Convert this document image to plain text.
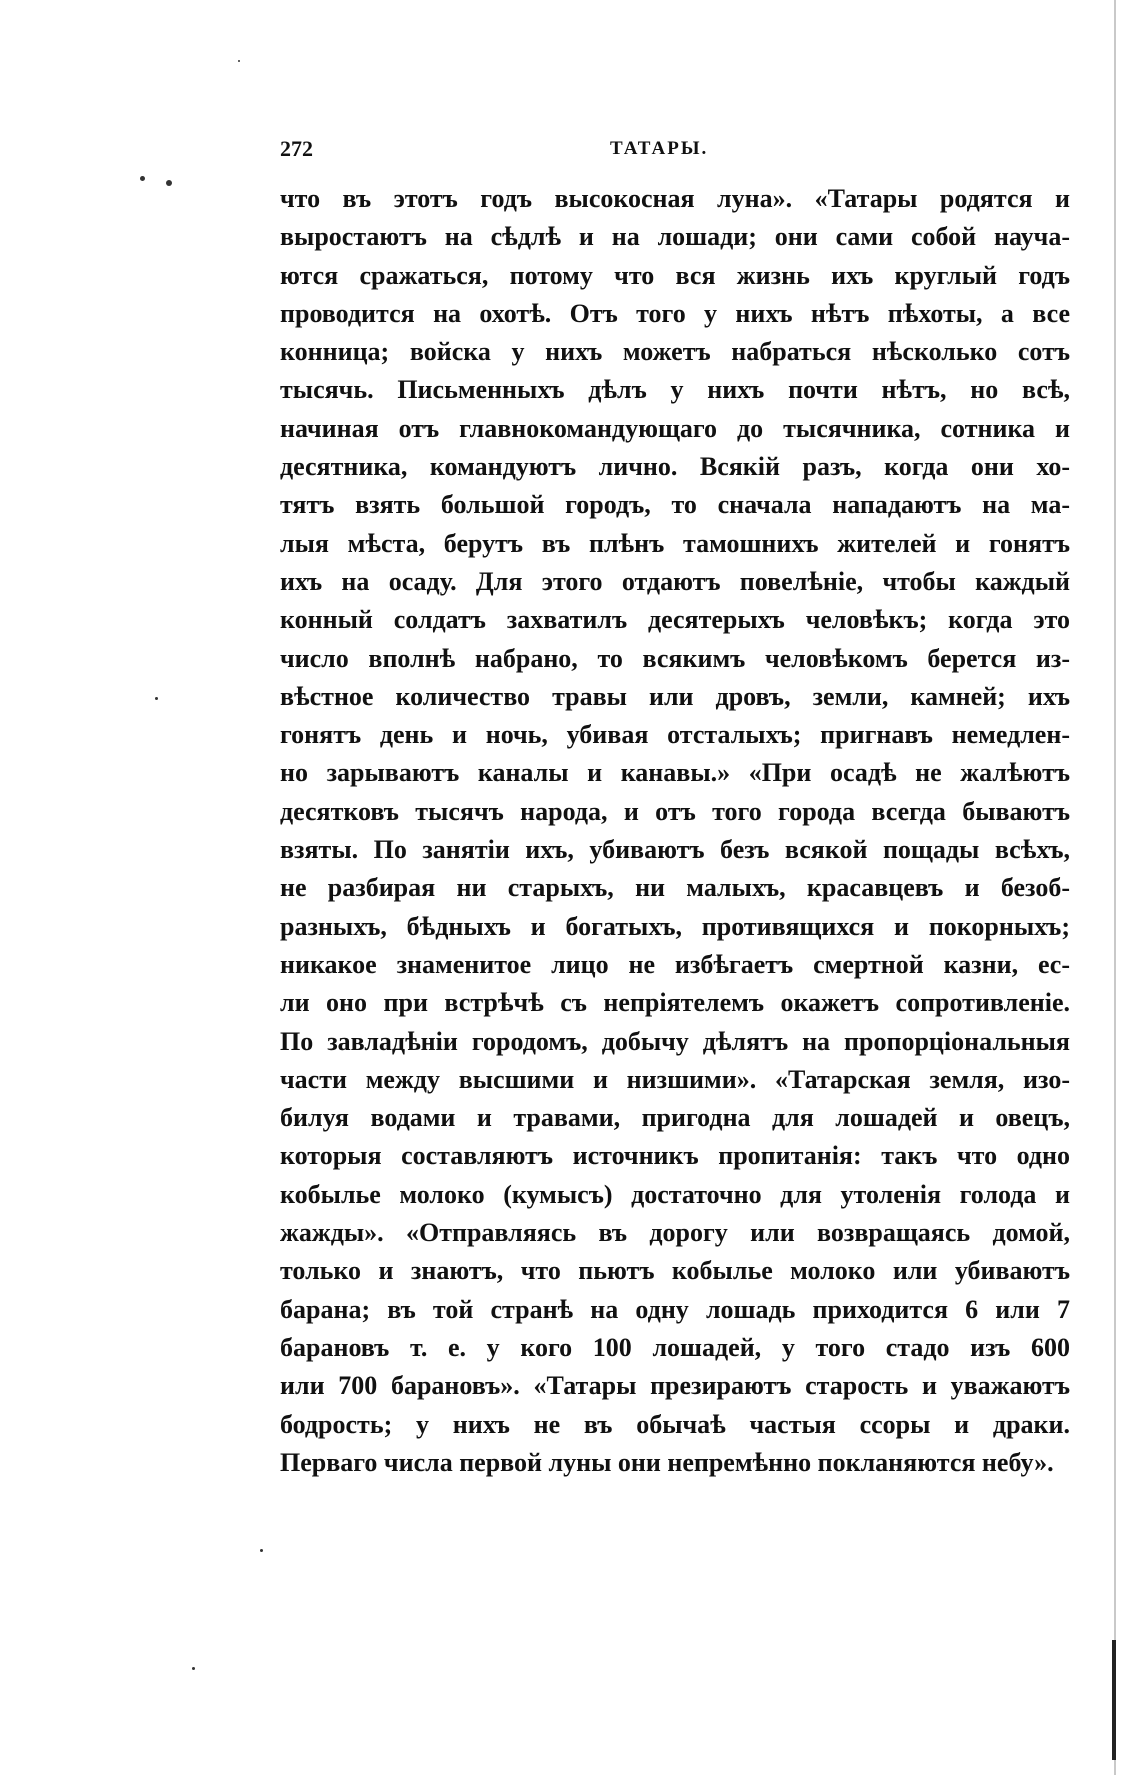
272	ТАТАРЫ.
что въ этотъ годъ высокосная луна». «Татары родятся и
выростаютъ на сѣдлѣ и на лошади; они сами собой научa-
ются сражаться, потому что вся жизнь ихъ круглый годъ
проводится на охотѣ. Отъ того у нихъ нѣтъ пѣхоты, а все
конница; войска у нихъ можетъ набраться нѣсколько сотъ
тысячь. Письменныхъ дѣлъ у нихъ почти нѣтъ, но всѣ,
начиная отъ главнокомандующаго до тысячника, сотника и
десятника, командуютъ лично. Всякій разъ, когда они хо-
тятъ взять большой городъ, то сначала нападаютъ на ма-
лыя мѣста, берутъ въ плѣнъ тамошнихъ жителей и гонятъ
ихъ на осаду. Для этого отдаютъ повелѣніе, чтобы каждый
конный солдатъ захватилъ десятерыхъ человѣкъ; когда это
число вполнѣ набрано, то всякимъ человѣкомъ берется из-
вѣстное количество травы или дровъ, земли, камней; ихъ
гонятъ день и ночь, убивая отсталыхъ; пригнавъ немедлен-
но зарываютъ каналы и канавы.» «При осадѣ не жалѣютъ
десятковъ тысячъ народа, и отъ того города всегда бываютъ
взяты. По занятіи ихъ, убиваютъ безъ всякой пощады всѣхъ,
не разбирая ни старыхъ, ни малыхъ, красавцевъ и безоб-
разныхъ, бѣдныхъ и богатыхъ, противящихся и покорныхъ;
никакое знаменитое лицо не избѣгаетъ смертной казни, ес-
ли оно при встрѣчѣ съ непріятелемъ окажетъ сопротивленіе.
По завладѣніи городомъ, добычу дѣлятъ на пропорціональныя
части между высшими и низшими». «Татарская земля, изо-
билуя водами и травами, пригодна для лошадей и овецъ,
которыя составляютъ источникъ пропитанія: такъ что одно
кобылье молоко (кумысъ) достаточно для утоленія голода и
жажды». «Отправляясь въ дорогу или возвращаясь домой,
только и знаютъ, что пьютъ кобылье молоко или убиваютъ
барана; въ той странѣ на одну лошадь приходится 6 или 7
барановъ т. е. у кого 100 лошадей, у того стадо изъ 600
или 700 барановъ». «Татары презираютъ старость и уважаютъ
бодрость; у нихъ не въ обычаѣ частыя ссоры и драки.
Перваго числа первой луны они непремѣнно покланяются небу».
